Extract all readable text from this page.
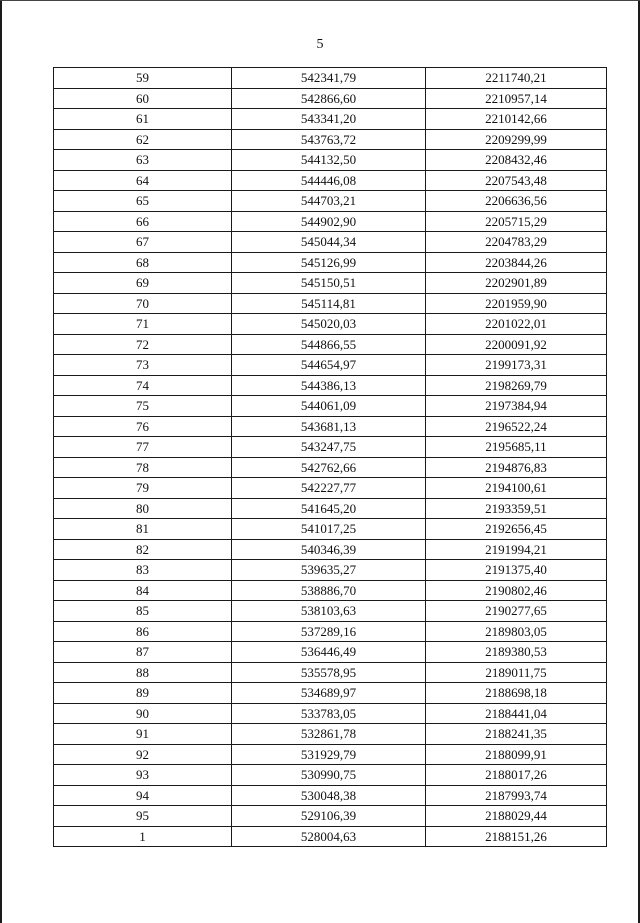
5
59	542341,79	2211740,21
60	542866,60	2210957,14
61	543341,20	2210142,66
62	543763,72	2209299,99
63	544132,50	2208432,46
64	544446,08	2207543,48
65	544703,21	2206636,56
66	544902,90	2205715,29
67	545044,34	2204783,29
68	545126,99	2203844,26
69	545150,51	2202901,89
70	545114,81	2201959,90
71	545020,03	2201022,01
72	544866,55	2200091,92
73	544654,97	2199173,31
74	544386,13	2198269,79
75	544061,09	2197384,94
76	543681,13	2196522,24
77	543247,75	2195685,11
78	542762,66	2194876,83
79	542227,77	2194100,61
80	541645,20	2193359,51
81	541017,25	2192656,45
82	540346,39	2191994,21
83	539635,27	2191375,40
84	538886,70	2190802,46
85	538103,63	2190277,65
86	537289,16	2189803,05
87	536446,49	2189380,53
88	535578,95	2189011,75
89	534689,97	2188698,18
90	533783,05	2188441,04
91	532861,78	2188241,35
92	531929,79	2188099,91
93	530990,75	2188017,26
94	530048,38	2187993,74
95	529106,39	2188029,44
1	528004,63	2188151,26
